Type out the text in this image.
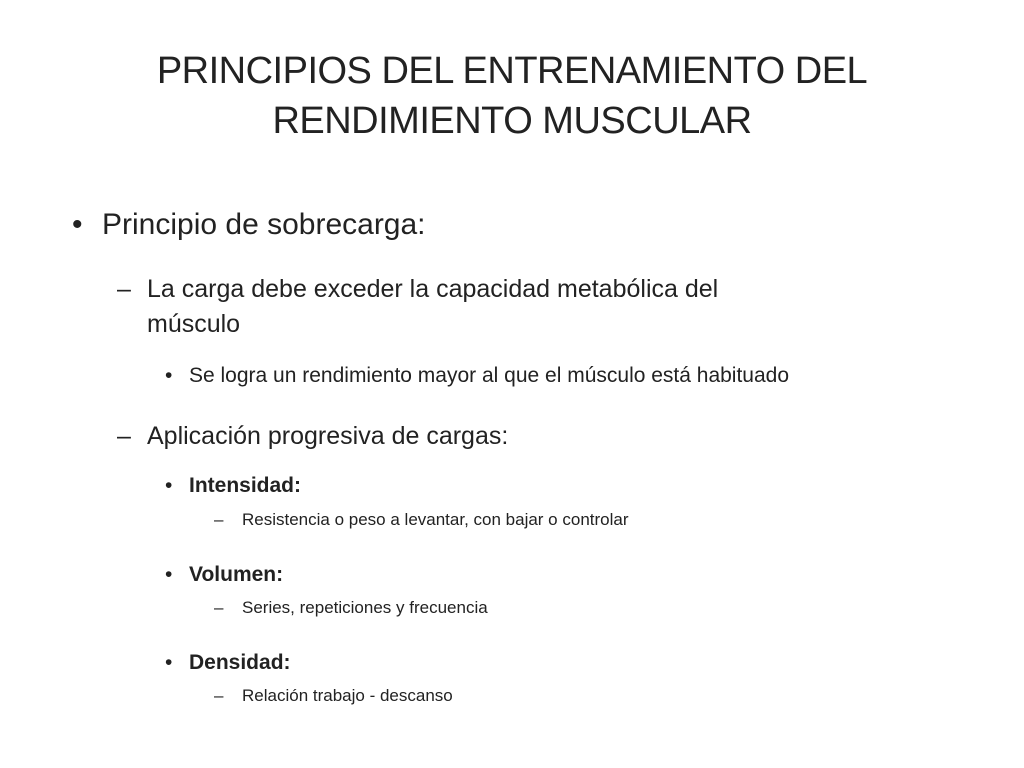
PRINCIPIOS DEL ENTRENAMIENTO DEL
RENDIMIENTO MUSCULAR
• Principio de sobrecarga:
– La carga debe exceder la capacidad metabólica del
músculo
• Se logra un rendimiento mayor al que el músculo está habituado
– Aplicación progresiva de cargas:
• Intensidad:
– Resistencia o peso a levantar, con bajar o controlar
• Volumen:
– Series, repeticiones y frecuencia
• Densidad:
– Relación trabajo - descanso
